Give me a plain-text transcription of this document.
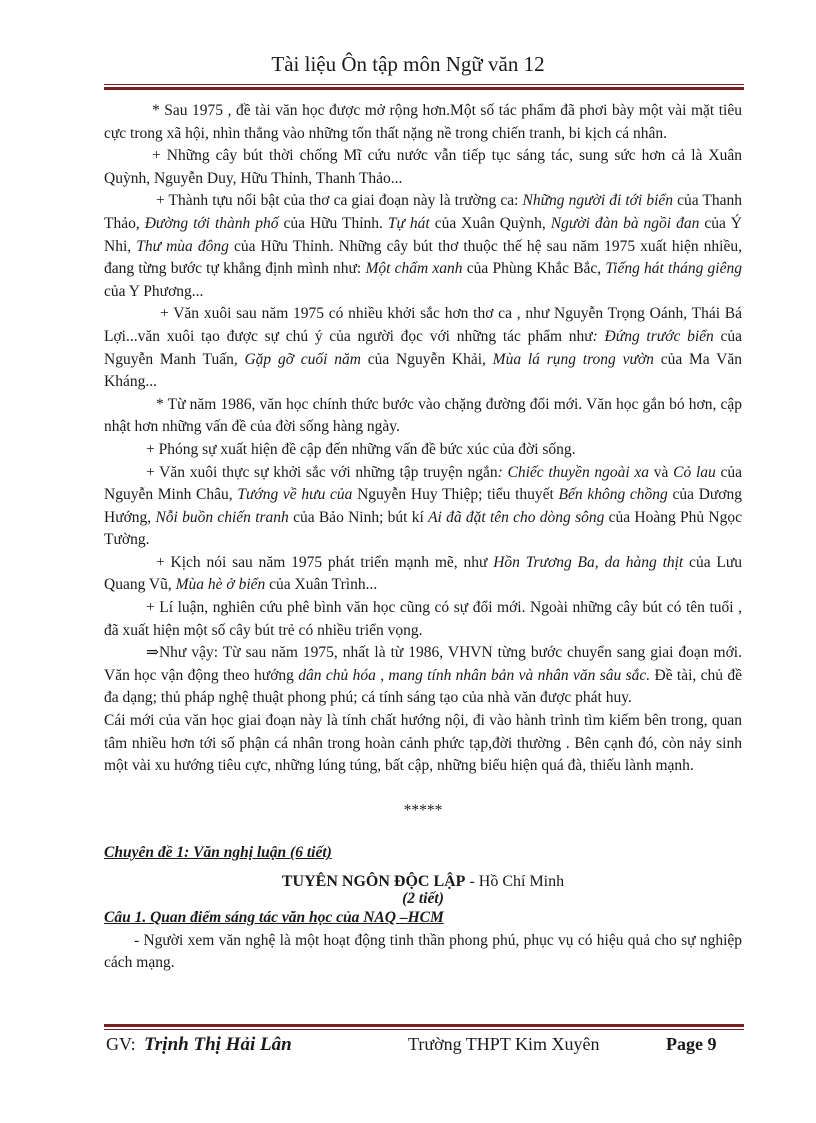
Tài liệu Ôn tập môn Ngữ văn 12

* Sau 1975 , đề tài văn học được mở rộng hơn.Một số tác phẩm đã phơi bày một vài mặt tiêu cực trong xã hội, nhìn thẳng vào những tổn thất nặng nề trong chiến tranh, bi kịch cá nhân.

+ Những cây bút thời chống Mĩ cứu nước vẫn tiếp tục sáng tác, sung sức hơn cả là Xuân Quỳnh, Nguyễn Duy, Hữu Thỉnh, Thanh Thảo...

+ Thành tựu nổi bật của thơ ca giai đoạn này là trường ca: Những người đi tới biển của Thanh Thảo, Đường tới thành phố của Hữu Thỉnh. Tự hát của Xuân Quỳnh, Người đàn bà ngồi đan của Ý Nhi, Thư mùa đông của Hữu Thỉnh. Những cây bút thơ thuộc thế hệ sau năm 1975 xuất hiện nhiều, đang từng bước tự khẳng định mình như: Một chấm xanh của Phùng Khắc Bắc, Tiếng hát tháng giêng của Y Phương...

+ Văn xuôi sau năm 1975 có nhiều khởi sắc hơn thơ ca , như Nguyễn Trọng Oánh, Thái Bá Lợi...văn xuôi tạo được sự chú ý của người đọc với những tác phẩm như: Đứng trước biển của Nguyễn Manh Tuấn, Gặp gỡ cuối năm của Nguyễn Khải, Mùa lá rụng trong vườn của Ma Văn Kháng...

* Từ năm 1986, văn học chính thức bước vào chặng đường đổi mới. Văn học gắn bó hơn, cập nhật hơn những vấn đề của đời sống hàng ngày.

+ Phóng sự xuất hiện đề cập đến những vấn đề bức xúc của đời sống.

+ Văn xuôi thực sự khởi sắc với những tập truyện ngắn: Chiếc thuyền ngoài xa và Cỏ lau của Nguyễn Minh Châu, Tướng về hưu của Nguyễn Huy Thiệp; tiểu thuyết Bến không chồng của Dương Hướng, Nỗi buồn chiến tranh của Bảo Ninh; bút kí Ai đã đặt tên cho dòng sông của Hoàng Phủ Ngọc Tường.

+ Kịch nói sau năm 1975 phát triển mạnh mẽ, như Hồn Trương Ba, da hàng thịt của Lưu Quang Vũ, Mùa hè ở biển của Xuân Trình...

+ Lí luận, nghiên cứu phê bình văn học cũng có sự đổi mới. Ngoài những cây bút có tên tuổi , đã xuất hiện một số cây bút trẻ có nhiều triển vọng.

⇒Như vậy: Từ sau năm 1975, nhất là từ 1986, VHVN từng bước chuyển sang giai đoạn mới. Văn học vận động theo hướng dân chủ hóa , mang tính nhân bản và nhân văn sâu sắc. Đề tài, chủ đề đa dạng; thủ pháp nghệ thuật phong phú; cá tính sáng tạo của nhà văn được phát huy.

Cái mới của văn học giai đoạn này là tính chất hướng nội, đi vào hành trình tìm kiếm bên trong, quan tâm nhiều hơn tới số phận cá nhân trong hoàn cảnh phức tạp,đời thường . Bên cạnh đó, còn nảy sinh một vài xu hướng tiêu cực, những lúng túng, bất cập, những biểu hiện quá đà, thiếu lành mạnh.

*****

Chuyên đề 1: Văn nghị luận (6 tiết)

TUYÊN NGÔN ĐỘC LẬP - Hồ Chí Minh

(2 tiết)

Câu 1. Quan điểm sáng tác văn học của NAQ –HCM

- Người xem văn nghệ là một hoạt động tinh thần phong phú, phục vụ có hiệu quả cho sự nghiệp cách mạng.

GV: Trịnh Thị Hải Lân	Trường THPT Kim Xuyên	Page 9
